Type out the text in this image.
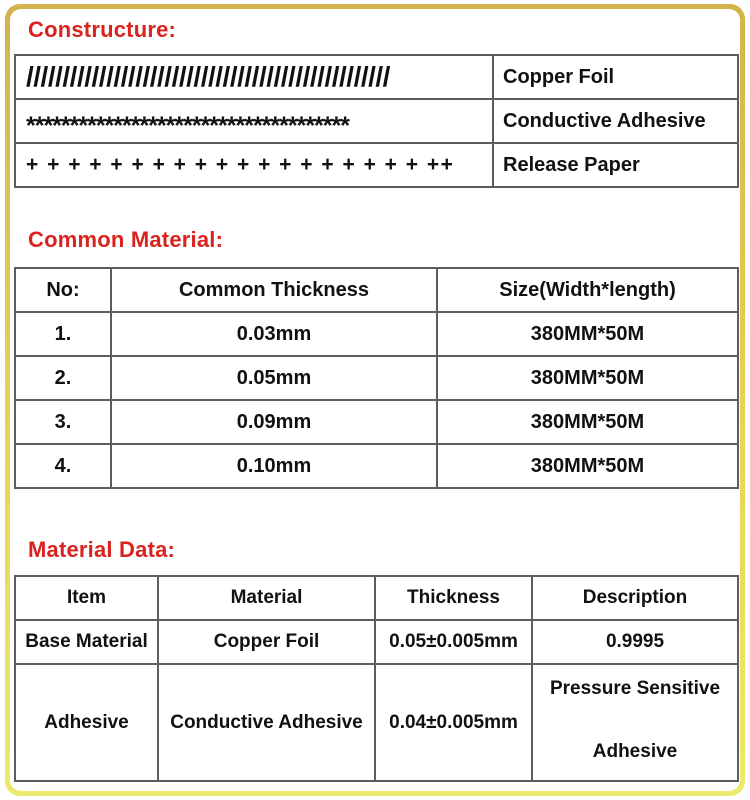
Constructure:
//////////////////////////////////////////////////	Copper Foil
*************************************	Conductive Adhesive
+ + + + + + + + + + + + + + + + + + + ++	Release Paper
Common Material:
No:	Common Thickness	Size(Width*length)
1.	0.03mm	380MM*50M
2.	0.05mm	380MM*50M
3.	0.09mm	380MM*50M
4.	0.10mm	380MM*50M
Material Data:
Item	Material	Thickness	Description
Base Material	Copper Foil	0.05±0.005mm	0.9995
Adhesive	Conductive Adhesive	0.04±0.005mm	Pressure Sensitive
Adhesive
